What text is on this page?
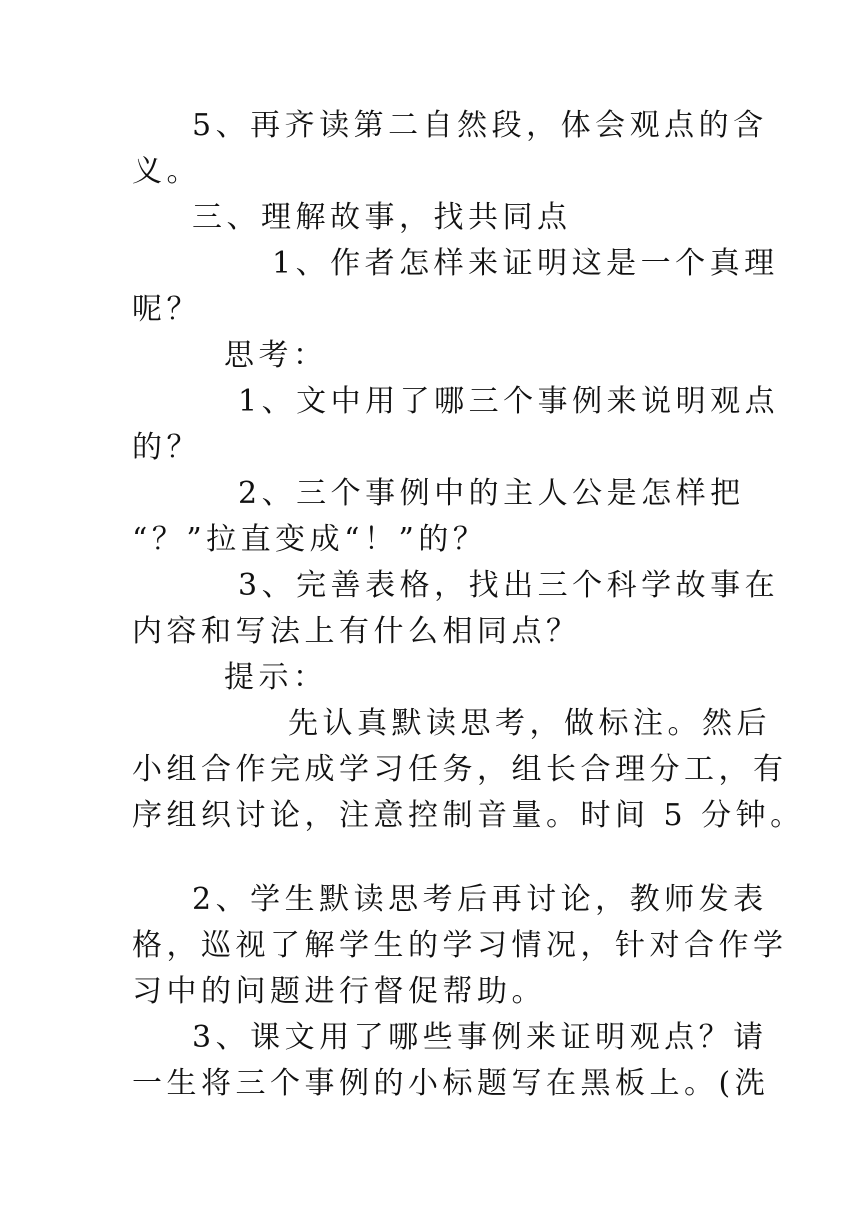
5、再齐读第二自然段，体会观点的含
义。
三、理解故事，找共同点
1、作者怎样来证明这是一个真理
呢？
思考：
1、文中用了哪三个事例来说明观点
的？
2、三个事例中的主人公是怎样把
“？”拉直变成“！”的？
3、完善表格，找出三个科学故事在
内容和写法上有什么相同点？
提示：
先认真默读思考，做标注。然后
小组合作完成学习任务，组长合理分工，有
序组织讨论，注意控制音量。时间 5 分钟。
2、学生默读思考后再讨论，教师发表
格，巡视了解学生的学习情况，针对合作学
习中的问题进行督促帮助。
3、课文用了哪些事例来证明观点？请
一生将三个事例的小标题写在黑板上。(洗
